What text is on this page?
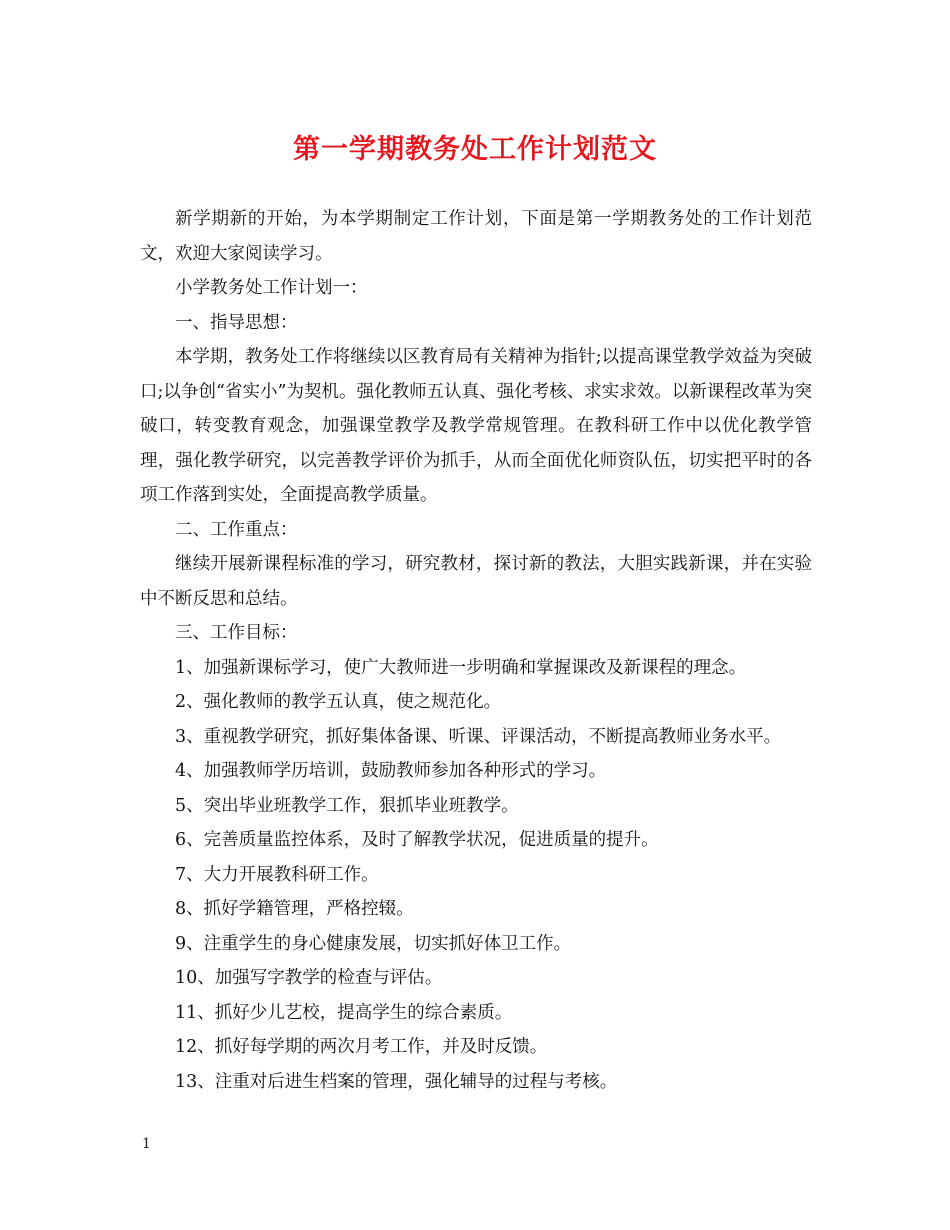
第一学期教务处工作计划范文

新学期新的开始，为本学期制定工作计划，下面是第一学期教务处的工作计划范文，欢迎大家阅读学习。

小学教务处工作计划一：

一、指导思想：

本学期，教务处工作将继续以区教育局有关精神为指针;以提高课堂教学效益为突破口;以争创“省实小”为契机。强化教师五认真、强化考核、求实求效。以新课程改革为突破口，转变教育观念，加强课堂教学及教学常规管理。在教科研工作中以优化教学管理，强化教学研究，以完善教学评价为抓手，从而全面优化师资队伍，切实把平时的各项工作落到实处，全面提高教学质量。

二、工作重点：

继续开展新课程标准的学习，研究教材，探讨新的教法，大胆实践新课，并在实验中不断反思和总结。

三、工作目标：

1、加强新课标学习，使广大教师进一步明确和掌握课改及新课程的理念。

2、强化教师的教学五认真，使之规范化。

3、重视教学研究，抓好集体备课、听课、评课活动，不断提高教师业务水平。

4、加强教师学历培训，鼓励教师参加各种形式的学习。

5、突出毕业班教学工作，狠抓毕业班教学。

6、完善质量监控体系，及时了解教学状况，促进质量的提升。

7、大力开展教科研工作。

8、抓好学籍管理，严格控辍。

9、注重学生的身心健康发展，切实抓好体卫工作。

10、加强写字教学的检查与评估。

11、抓好少儿艺校，提高学生的综合素质。

12、抓好每学期的两次月考工作，并及时反馈。

13、注重对后进生档案的管理，强化辅导的过程与考核。

1
